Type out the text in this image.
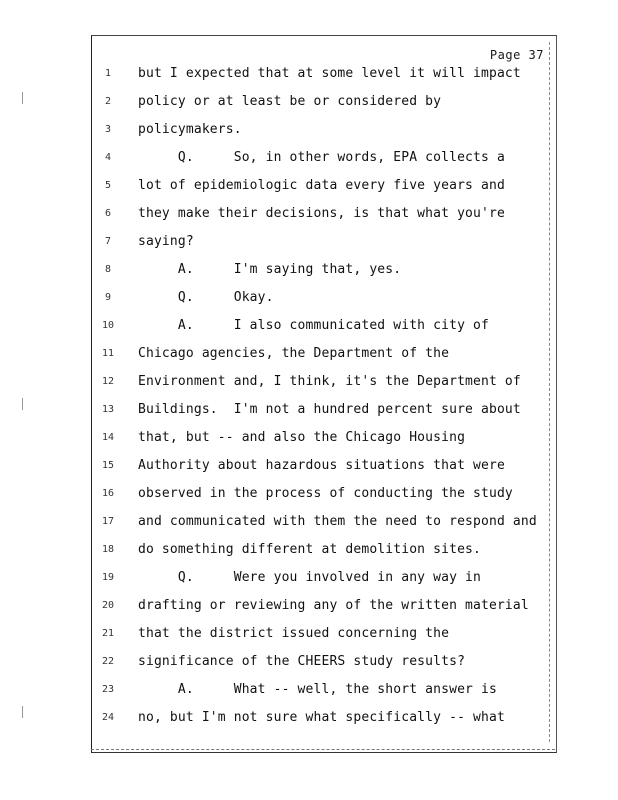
Page 37
1	but I expected that at some level it will impact
2	policy or at least be or considered by
3	policymakers.
4	Q.     So, in other words, EPA collects a
5	lot of epidemiologic data every five years and
6	they make their decisions, is that what you're
7	saying?
8	A.     I'm saying that, yes.
9	Q.     Okay.
10	A.     I also communicated with city of
11	Chicago agencies, the Department of the
12	Environment and, I think, it's the Department of
13	Buildings.  I'm not a hundred percent sure about
14	that, but -- and also the Chicago Housing
15	Authority about hazardous situations that were
16	observed in the process of conducting the study
17	and communicated with them the need to respond and
18	do something different at demolition sites.
19	Q.     Were you involved in any way in
20	drafting or reviewing any of the written material
21	that the district issued concerning the
22	significance of the CHEERS study results?
23	A.     What -- well, the short answer is
24	no, but I'm not sure what specifically -- what
